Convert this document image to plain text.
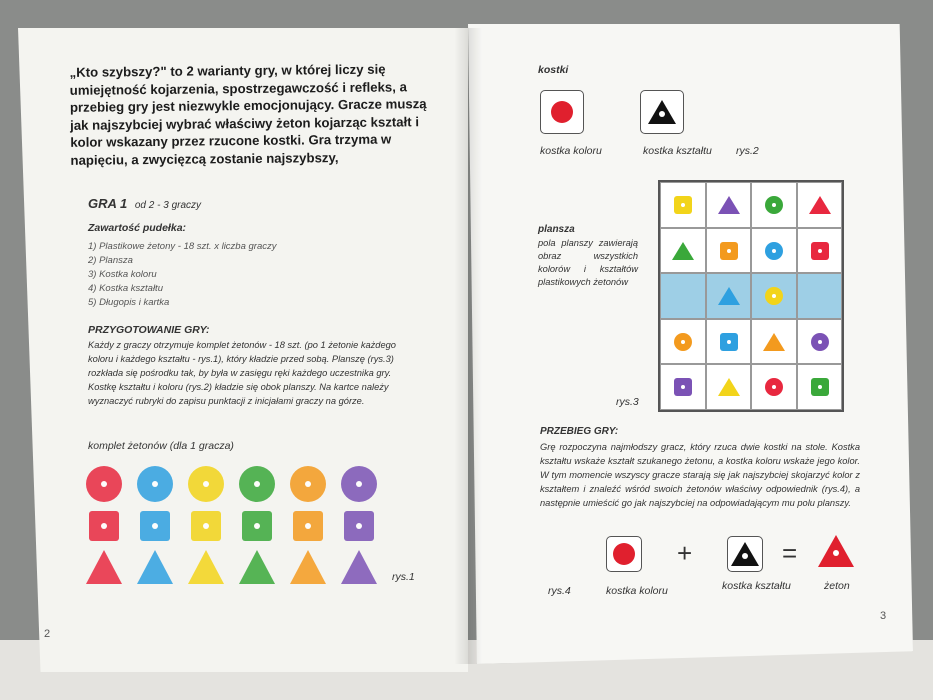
„Kto szybszy?" to 2 warianty gry, w której liczy się umiejętność kojarzenia, spostrzegawczość i refleks, a przebieg gry jest niezwykle emocjonujący. Gracze muszą jak najszybciej wybrać właściwy żeton kojarząc kształt i kolor wskazany przez rzucone kostki. Gra trzyma w napięciu, a zwycięzcą zostanie najszybszy,
GRA 1 od 2 - 3 graczy
Zawartość pudełka:
1) Plastikowe żetony - 18 szt. x liczba graczy
2) Plansza
3) Kostka koloru
4) Kostka kształtu
5) Długopis i kartka
PRZYGOTOWANIE GRY:
Każdy z graczy otrzymuje komplet żetonów - 18 szt. (po 1 żetonie każdego koloru i każdego kształtu - rys.1), który kładzie przed sobą. Planszę (rys.3) rozkłada się pośrodku tak, by była w zasięgu ręki każdego uczestnika gry. Kostkę kształtu i koloru (rys.2) kładzie się obok planszy. Na kartce należy wyznaczyć rubryki do zapisu punktacji z inicjałami graczy na górze.
komplet żetonów (dla 1 gracza)
rys.1
2
kostki
kostka koloru	kostka kształtu rys.2
plansza
pola planszy zawierają obraz wszystkich kolorów i kształtów plastikowych żetonów
rys.3
PRZEBIEG GRY:
Grę rozpoczyna najmłodszy gracz, który rzuca dwie kostki na stole. Kostka kształtu wskaże kształt szukanego żetonu, a kostka koloru wskaże jego kolor. W tym momencie wszyscy gracze starają się jak najszybciej skojarzyć kolor z kształtem i znaleźć wśród swoich żetonów właściwy odpowiednik (rys.4), a następnie umieścić go jak najszybciej na odpowiadającym mu polu planszy.
+	=
rys.4	kostka koloru	kostka kształtu	żeton
3
